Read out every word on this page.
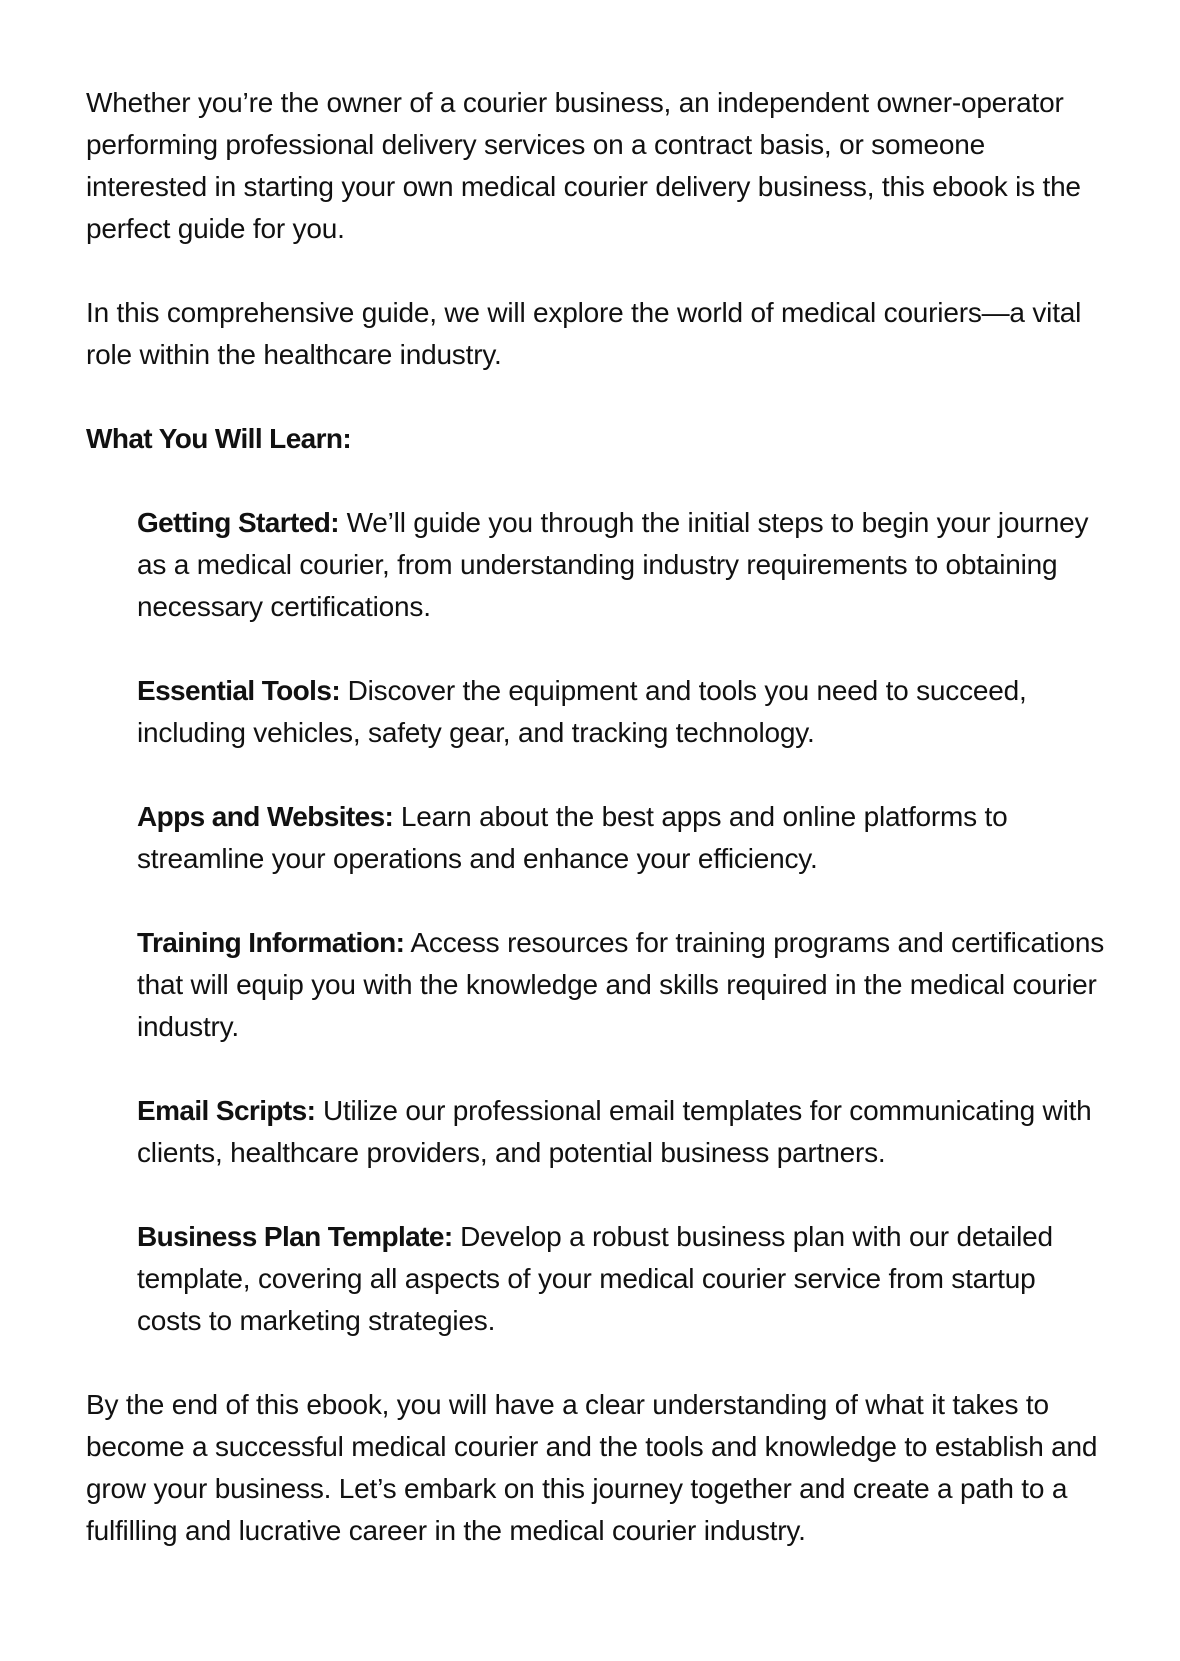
Whether you’re the owner of a courier business, an independent owner-operator performing professional delivery services on a contract basis, or someone interested in starting your own medical courier delivery business, this ebook is the perfect guide for you.

In this comprehensive guide, we will explore the world of medical couriers—a vital role within the healthcare industry.

What You Will Learn:

Getting Started: We’ll guide you through the initial steps to begin your journey as a medical courier, from understanding industry requirements to obtaining necessary certifications.
Essential Tools: Discover the equipment and tools you need to succeed, including vehicles, safety gear, and tracking technology.
Apps and Websites: Learn about the best apps and online platforms to streamline your operations and enhance your efficiency.
Training Information: Access resources for training programs and certifications that will equip you with the knowledge and skills required in the medical courier industry.
Email Scripts: Utilize our professional email templates for communicating with clients, healthcare providers, and potential business partners.
Business Plan Template: Develop a robust business plan with our detailed template, covering all aspects of your medical courier service from startup costs to marketing strategies.

By the end of this ebook, you will have a clear understanding of what it takes to become a successful medical courier and the tools and knowledge to establish and grow your business. Let’s embark on this journey together and create a path to a fulfilling and lucrative career in the medical courier industry.
